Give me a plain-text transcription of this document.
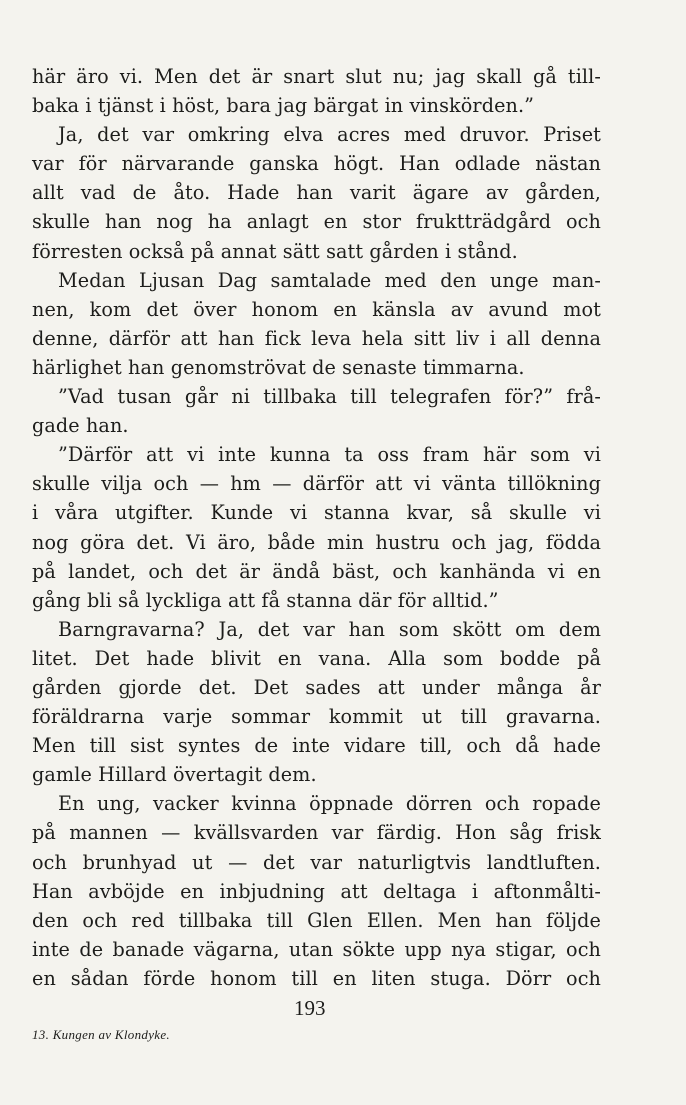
här äro vi. Men det är snart slut nu; jag skall gå till-
baka i tjänst i höst, bara jag bärgat in vinskörden.”
Ja, det var omkring elva acres med druvor. Priset
var för närvarande ganska högt. Han odlade nästan
allt vad de åto. Hade han varit ägare av gården,
skulle han nog ha anlagt en stor fruktträdgård och
förresten också på annat sätt satt gården i stånd.
Medan Ljusan Dag samtalade med den unge man-
nen, kom det över honom en känsla av avund mot
denne, därför att han fick leva hela sitt liv i all denna
härlighet han genomströvat de senaste timmarna.
”Vad tusan går ni tillbaka till telegrafen för?” frå-
gade han.
”Därför att vi inte kunna ta oss fram här som vi
skulle vilja och — hm — därför att vi vänta tillökning
i våra utgifter. Kunde vi stanna kvar, så skulle vi
nog göra det. Vi äro, både min hustru och jag, födda
på landet, och det är ändå bäst, och kanhända vi en
gång bli så lyckliga att få stanna där för alltid.”
Barngravarna? Ja, det var han som skött om dem
litet. Det hade blivit en vana. Alla som bodde på
gården gjorde det. Det sades att under många år
föräldrarna varje sommar kommit ut till gravarna.
Men till sist syntes de inte vidare till, och då hade
gamle Hillard övertagit dem.
En ung, vacker kvinna öppnade dörren och ropade
på mannen — kvällsvarden var färdig. Hon såg frisk
och brunhyad ut — det var naturligtvis landtluften.
Han avböjde en inbjudning att deltaga i aftonmålti-
den och red tillbaka till Glen Ellen. Men han följde
inte de banade vägarna, utan sökte upp nya stigar, och
en sådan förde honom till en liten stuga. Dörr och
193
13. Kungen av Klondyke.
